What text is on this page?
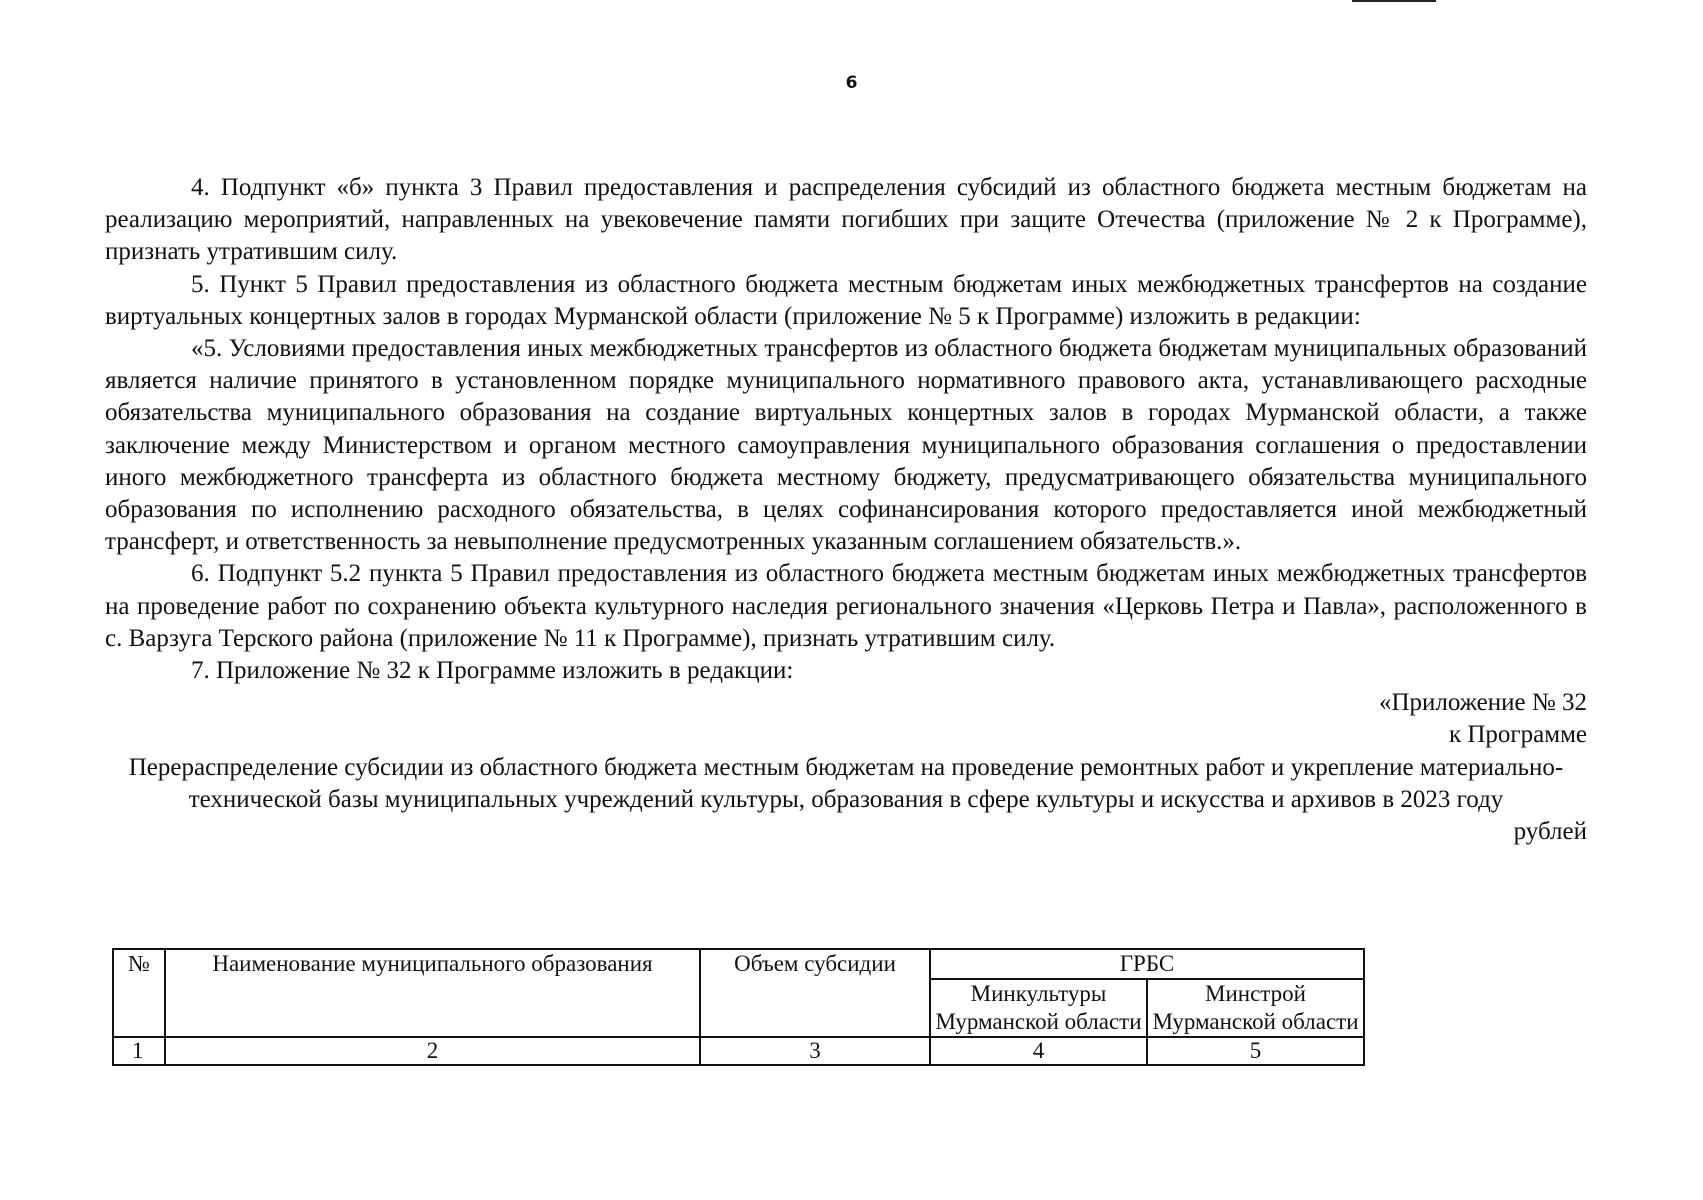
6

4. Подпункт «б» пункта 3 Правил предоставления и распределения субсидий из областного бюджета местным бюджетам на реализацию мероприятий, направленных на увековечение памяти погибших при защите Отечества (приложение № 2 к Программе), признать утратившим силу.

5. Пункт 5 Правил предоставления из областного бюджета местным бюджетам иных межбюджетных трансфертов на создание виртуальных концертных залов в городах Мурманской области (приложение № 5 к Программе) изложить в редакции:

«5. Условиями предоставления иных межбюджетных трансфертов из областного бюджета бюджетам муниципальных образований является наличие принятого в установленном порядке муниципального нормативного правового акта, устанавливающего расходные обязательства муниципального образования на создание виртуальных концертных залов в городах Мурманской области, а также заключение между Министерством и органом местного самоуправления муниципального образования соглашения о предоставлении иного межбюджетного трансферта из областного бюджета местному бюджету, предусматривающего обязательства муниципального образования по исполнению расходного обязательства, в целях софинансирования которого предоставляется иной межбюджетный трансферт, и ответственность за невыполнение предусмотренных указанным соглашением обязательств.».

6. Подпункт 5.2 пункта 5 Правил предоставления из областного бюджета местным бюджетам иных межбюджетных трансфертов на проведение работ по сохранению объекта культурного наследия регионального значения «Церковь Петра и Павла», расположенного в с. Варзуга Терского района (приложение № 11 к Программе), признать утратившим силу.

7. Приложение № 32 к Программе изложить в редакции:

«Приложение № 32

к Программе

Перераспределение субсидии из областного бюджета местным бюджетам на проведение ремонтных работ и укрепление материально-технической базы муниципальных учреждений культуры, образования в сфере культуры и искусства и архивов в 2023 году

рублей

№	Наименование муниципального образования	Объем субсидии	ГРБС	
			Минкультуры Мурманской области	Минстрой Мурманской области
1	2	3	4	5
